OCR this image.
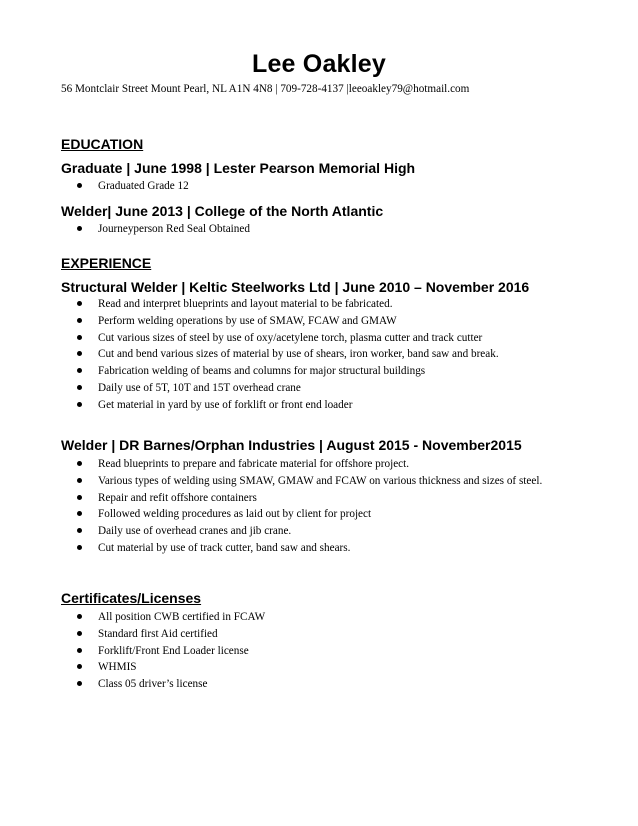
Lee Oakley
56 Montclair Street Mount Pearl, NL A1N 4N8 | 709-728-4137 |leeoakley79@hotmail.com
EDUCATION
Graduate | June 1998 | Lester Pearson Memorial High
Graduated Grade 12
Welder| June 2013 | College of the North Atlantic
Journeyperson Red Seal Obtained
EXPERIENCE
Structural Welder | Keltic Steelworks Ltd | June 2010 – November 2016
Read and interpret blueprints and layout material to be fabricated.
Perform welding operations by use of SMAW, FCAW and GMAW
Cut various sizes of steel by use of oxy/acetylene torch, plasma cutter and track cutter
Cut and bend various sizes of material by use of shears, iron worker, band saw and break.
Fabrication welding of beams and columns for major structural buildings
Daily use of 5T, 10T and 15T overhead crane
Get material in yard by use of forklift or front end loader
Welder | DR Barnes/Orphan Industries | August 2015 - November2015
Read blueprints to prepare and fabricate material for offshore project.
Various types of welding using SMAW, GMAW and FCAW on various thickness and sizes of steel.
Repair and refit offshore containers
Followed welding procedures as laid out by client for project
Daily use of overhead cranes and jib crane.
Cut material by use of track cutter, band saw and shears.
Certificates/Licenses
All position CWB certified in FCAW
Standard first Aid certified
Forklift/Front End Loader license
WHMIS
Class 05 driver’s license
